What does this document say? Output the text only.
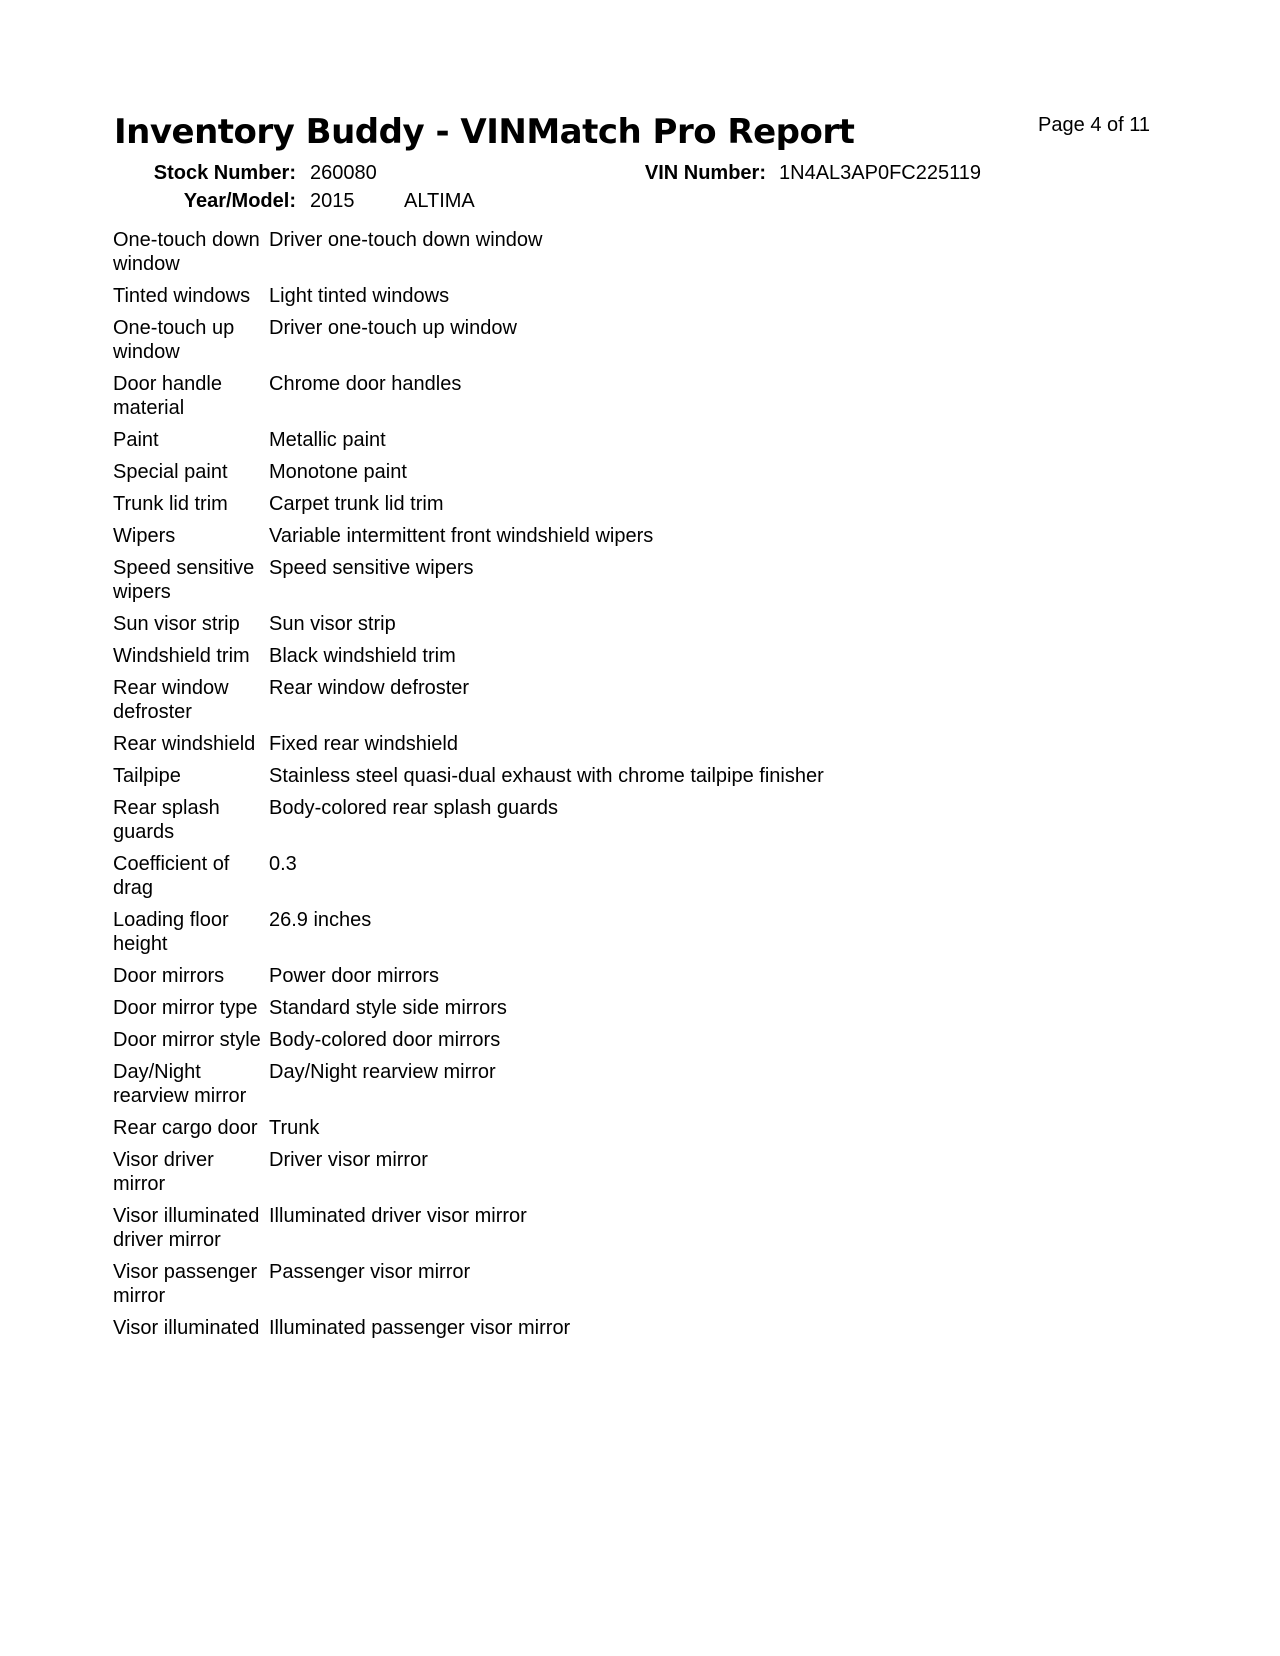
Inventory Buddy - VINMatch Pro Report	Page 4 of 11
Stock Number: 260080	VIN Number: 1N4AL3AP0FC225119
Year/Model: 2015 ALTIMA
One-touch down window	Driver one-touch down window
Tinted windows	Light tinted windows
One-touch up window	Driver one-touch up window
Door handle material	Chrome door handles
Paint	Metallic paint
Special paint	Monotone paint
Trunk lid trim	Carpet trunk lid trim
Wipers	Variable intermittent front windshield wipers
Speed sensitive wipers	Speed sensitive wipers
Sun visor strip	Sun visor strip
Windshield trim	Black windshield trim
Rear window defroster	Rear window defroster
Rear windshield	Fixed rear windshield
Tailpipe	Stainless steel quasi-dual exhaust with chrome tailpipe finisher
Rear splash guards	Body-colored rear splash guards
Coefficient of drag	0.3
Loading floor height	26.9 inches
Door mirrors	Power door mirrors
Door mirror type	Standard style side mirrors
Door mirror style	Body-colored door mirrors
Day/Night rearview mirror	Day/Night rearview mirror
Rear cargo door	Trunk
Visor driver mirror	Driver visor mirror
Visor illuminated driver mirror	Illuminated driver visor mirror
Visor passenger mirror	Passenger visor mirror
Visor illuminated	Illuminated passenger visor mirror
